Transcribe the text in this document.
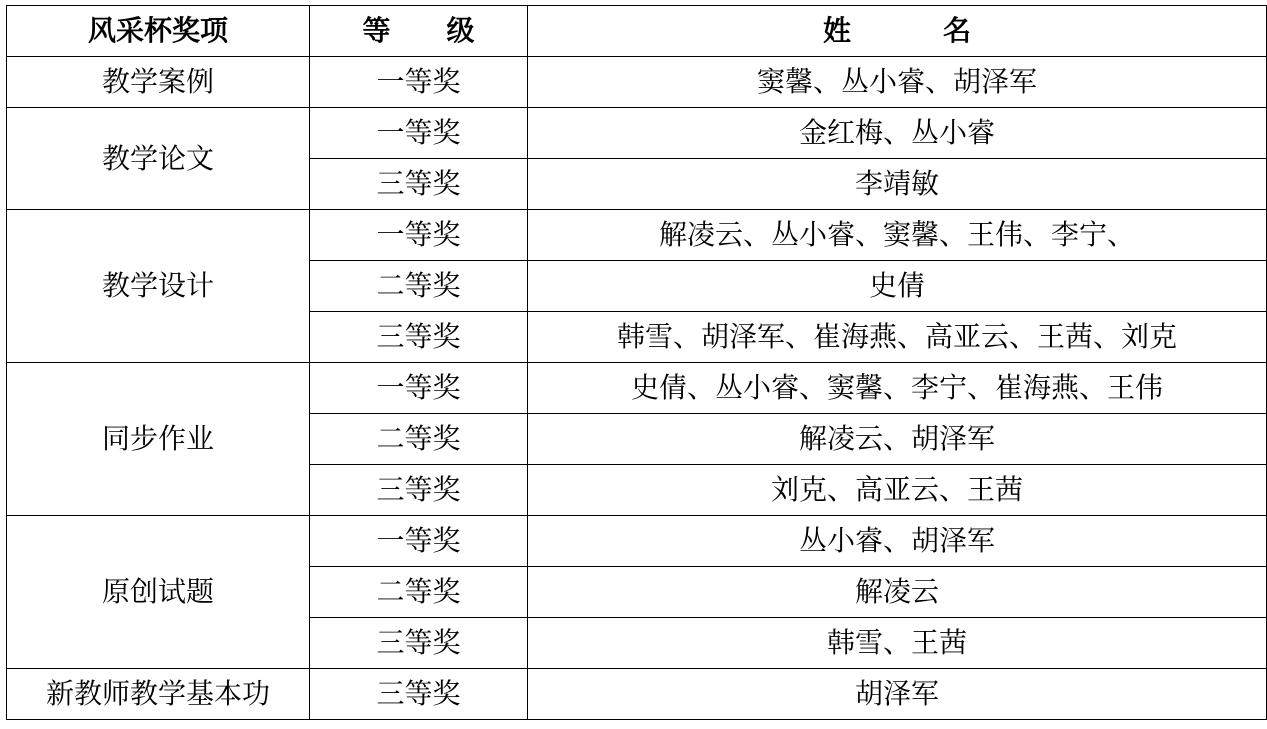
风采杯奖项	等 级	姓 名
教学案例	一等奖	窦馨、丛小睿、胡泽军
教学论文	一等奖	金红梅、丛小睿
	三等奖	李靖敏
教学设计	一等奖	解凌云、丛小睿、窦馨、王伟、李宁、
	二等奖	史倩
	三等奖	韩雪、胡泽军、崔海燕、高亚云、王茜、刘克
同步作业	一等奖	史倩、丛小睿、窦馨、李宁、崔海燕、王伟
	二等奖	解凌云、胡泽军
	三等奖	刘克、高亚云、王茜
原创试题	一等奖	丛小睿、胡泽军
	二等奖	解凌云
	三等奖	韩雪、王茜
新教师教学基本功	三等奖	胡泽军
